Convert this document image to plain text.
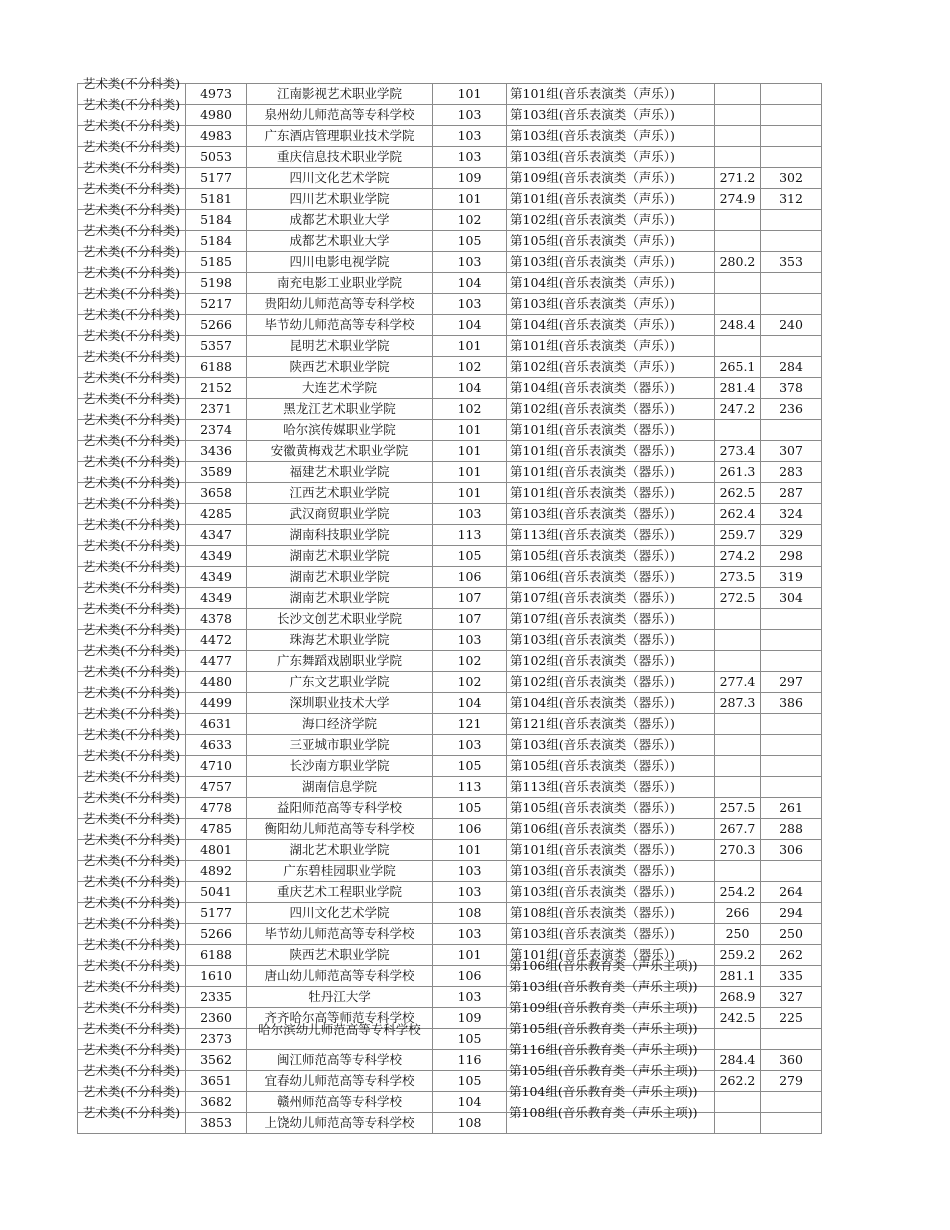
艺术类(不分科类)	4973	江南影视艺术职业学院	101	第101组(音乐表演类（声乐）)		

艺术类(不分科类)	4980	泉州幼儿师范高等专科学校	103	第103组(音乐表演类（声乐）)		

艺术类(不分科类)	4983	广东酒店管理职业技术学院	103	第103组(音乐表演类（声乐）)		

艺术类(不分科类)	5053	重庆信息技术职业学院	103	第103组(音乐表演类（声乐）)		

艺术类(不分科类)	5177	四川文化艺术学院	109	第109组(音乐表演类（声乐）)	271.2	302

艺术类(不分科类)	5181	四川艺术职业学院	101	第101组(音乐表演类（声乐）)	274.9	312

艺术类(不分科类)	5184	成都艺术职业大学	102	第102组(音乐表演类（声乐）)		

艺术类(不分科类)	5184	成都艺术职业大学	105	第105组(音乐表演类（声乐）)		

艺术类(不分科类)	5185	四川电影电视学院	103	第103组(音乐表演类（声乐）)	280.2	353

艺术类(不分科类)	5198	南充电影工业职业学院	104	第104组(音乐表演类（声乐）)		

艺术类(不分科类)	5217	贵阳幼儿师范高等专科学校	103	第103组(音乐表演类（声乐）)		

艺术类(不分科类)	5266	毕节幼儿师范高等专科学校	104	第104组(音乐表演类（声乐）)	248.4	240

艺术类(不分科类)	5357	昆明艺术职业学院	101	第101组(音乐表演类（声乐）)		

艺术类(不分科类)	6188	陕西艺术职业学院	102	第102组(音乐表演类（声乐）)	265.1	284

艺术类(不分科类)	2152	大连艺术学院	104	第104组(音乐表演类（器乐）)	281.4	378

艺术类(不分科类)	2371	黑龙江艺术职业学院	102	第102组(音乐表演类（器乐）)	247.2	236

艺术类(不分科类)	2374	哈尔滨传媒职业学院	101	第101组(音乐表演类（器乐）)		

艺术类(不分科类)	3436	安徽黄梅戏艺术职业学院	101	第101组(音乐表演类（器乐）)	273.4	307

艺术类(不分科类)	3589	福建艺术职业学院	101	第101组(音乐表演类（器乐）)	261.3	283

艺术类(不分科类)	3658	江西艺术职业学院	101	第101组(音乐表演类（器乐）)	262.5	287

艺术类(不分科类)	4285	武汉商贸职业学院	103	第103组(音乐表演类（器乐）)	262.4	324

艺术类(不分科类)	4347	湖南科技职业学院	113	第113组(音乐表演类（器乐）)	259.7	329

艺术类(不分科类)	4349	湖南艺术职业学院	105	第105组(音乐表演类（器乐）)	274.2	298

艺术类(不分科类)	4349	湖南艺术职业学院	106	第106组(音乐表演类（器乐）)	273.5	319

艺术类(不分科类)	4349	湖南艺术职业学院	107	第107组(音乐表演类（器乐）)	272.5	304

艺术类(不分科类)	4378	长沙文创艺术职业学院	107	第107组(音乐表演类（器乐）)		

艺术类(不分科类)	4472	珠海艺术职业学院	103	第103组(音乐表演类（器乐）)		

艺术类(不分科类)	4477	广东舞蹈戏剧职业学院	102	第102组(音乐表演类（器乐）)		

艺术类(不分科类)	4480	广东文艺职业学院	102	第102组(音乐表演类（器乐）)	277.4	297

艺术类(不分科类)	4499	深圳职业技术大学	104	第104组(音乐表演类（器乐）)	287.3	386

艺术类(不分科类)	4631	海口经济学院	121	第121组(音乐表演类（器乐）)		

艺术类(不分科类)	4633	三亚城市职业学院	103	第103组(音乐表演类（器乐）)		

艺术类(不分科类)	4710	长沙南方职业学院	105	第105组(音乐表演类（器乐）)		

艺术类(不分科类)	4757	湖南信息学院	113	第113组(音乐表演类（器乐）)		

艺术类(不分科类)	4778	益阳师范高等专科学校	105	第105组(音乐表演类（器乐）)	257.5	261

艺术类(不分科类)	4785	衡阳幼儿师范高等专科学校	106	第106组(音乐表演类（器乐）)	267.7	288

艺术类(不分科类)	4801	湖北艺术职业学院	101	第101组(音乐表演类（器乐）)	270.3	306

艺术类(不分科类)	4892	广东碧桂园职业学院	103	第103组(音乐表演类（器乐）)		

艺术类(不分科类)	5041	重庆艺术工程职业学院	103	第103组(音乐表演类（器乐）)	254.2	264

艺术类(不分科类)	5177	四川文化艺术学院	108	第108组(音乐表演类（器乐）)	266	294

艺术类(不分科类)	5266	毕节幼儿师范高等专科学校	103	第103组(音乐表演类（器乐）)	250	250

艺术类(不分科类)	6188	陕西艺术职业学院	101	第101组(音乐表演类（器乐）)	259.2	262

艺术类(不分科类)	1610	唐山幼儿师范高等专科学校	106	第106组(音乐教育类（声乐主项))	281.1	335

艺术类(不分科类)	2335	牡丹江大学	103	第103组(音乐教育类（声乐主项))	268.9	327

艺术类(不分科类)	2360	齐齐哈尔高等师范专科学校	109	第109组(音乐教育类（声乐主项))	242.5	225

艺术类(不分科类)	2373	哈尔滨幼儿师范高等专科学校	105	第105组(音乐教育类（声乐主项))		

艺术类(不分科类)	3562	闽江师范高等专科学校	116	第116组(音乐教育类（声乐主项))	284.4	360

艺术类(不分科类)	3651	宜春幼儿师范高等专科学校	105	第105组(音乐教育类（声乐主项))	262.2	279

艺术类(不分科类)	3682	赣州师范高等专科学校	104	第104组(音乐教育类（声乐主项))		

艺术类(不分科类)	3853	上饶幼儿师范高等专科学校	108	第108组(音乐教育类（声乐主项))		
